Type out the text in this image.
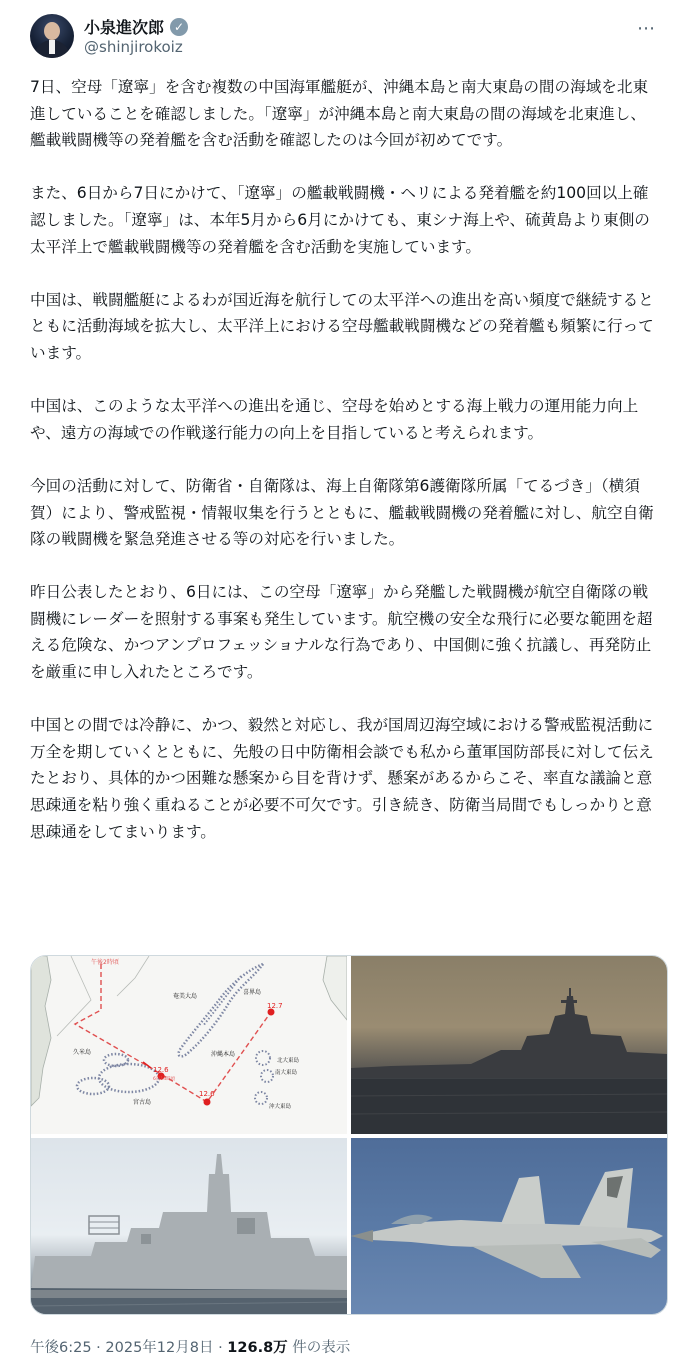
小泉進次郎 ✓
@shinjirokoiz
⋯

7日、空母「遼寧」を含む複数の中国海軍艦艇が、沖縄本島と南大東島の間の海域を北東進していることを確認しました。「遼寧」が沖縄本島と南大東島の間の海域を北東進し、艦載戦闘機等の発着艦を含む活動を確認したのは今回が初めてです。

また、6日から7日にかけて、「遼寧」の艦載戦闘機・ヘリによる発着艦を約100回以上確認しました。「遼寧」は、本年5月から6月にかけても、東シナ海上や、硫黄島より東側の太平洋上で艦載戦闘機等の発着艦を含む活動を実施しています。

中国は、戦闘艦艇によるわが国近海を航行しての太平洋への進出を高い頻度で継続するとともに活動海域を拡大し、太平洋上における空母艦載戦闘機などの発着艦も頻繁に行っています。

中国は、このような太平洋への進出を通じ、空母を始めとする海上戦力の運用能力向上や、遠方の海域での作戦遂行能力の向上を目指していると考えられます。

今回の活動に対して、防衛省・自衛隊は、海上自衛隊第6護衛隊所属「てるづき」（横須賀）により、警戒監視・情報収集を行うとともに、艦載戦闘機の発着艦に対し、航空自衛隊の戦闘機を緊急発進させる等の対応を行いました。

昨日公表したとおり、6日には、この空母「遼寧」から発艦した戦闘機が航空自衛隊の戦闘機にレーダーを照射する事案も発生しています。航空機の安全な飛行に必要な範囲を超える危険な、かつアンプロフェッショナルな行為であり、中国側に強く抗議し、再発防止を厳重に申し入れたところです。

中国との間では冷静に、かつ、毅然と対応し、我が国周辺海空域における警戒監視活動に万全を期していくとともに、先般の日中防衛相会談でも私から董軍国防部長に対して伝えたとおり、具体的かつ困難な懸案から目を背けず、懸案があるからこそ、率直な議論と意思疎通を粘り強く重ねることが必要不可欠です。引き続き、防衛当局間でもしっかりと意思疎通をしてまいります。

午後2時頃
奄美大島
喜界島
沖縄本島
北大東島
南大東島
沖大東島
久米島
宮古島
12.7
12.6
12.6
6日14時頃
午後6:25 · 2025年12月8日 · 126.8万 件の表示
